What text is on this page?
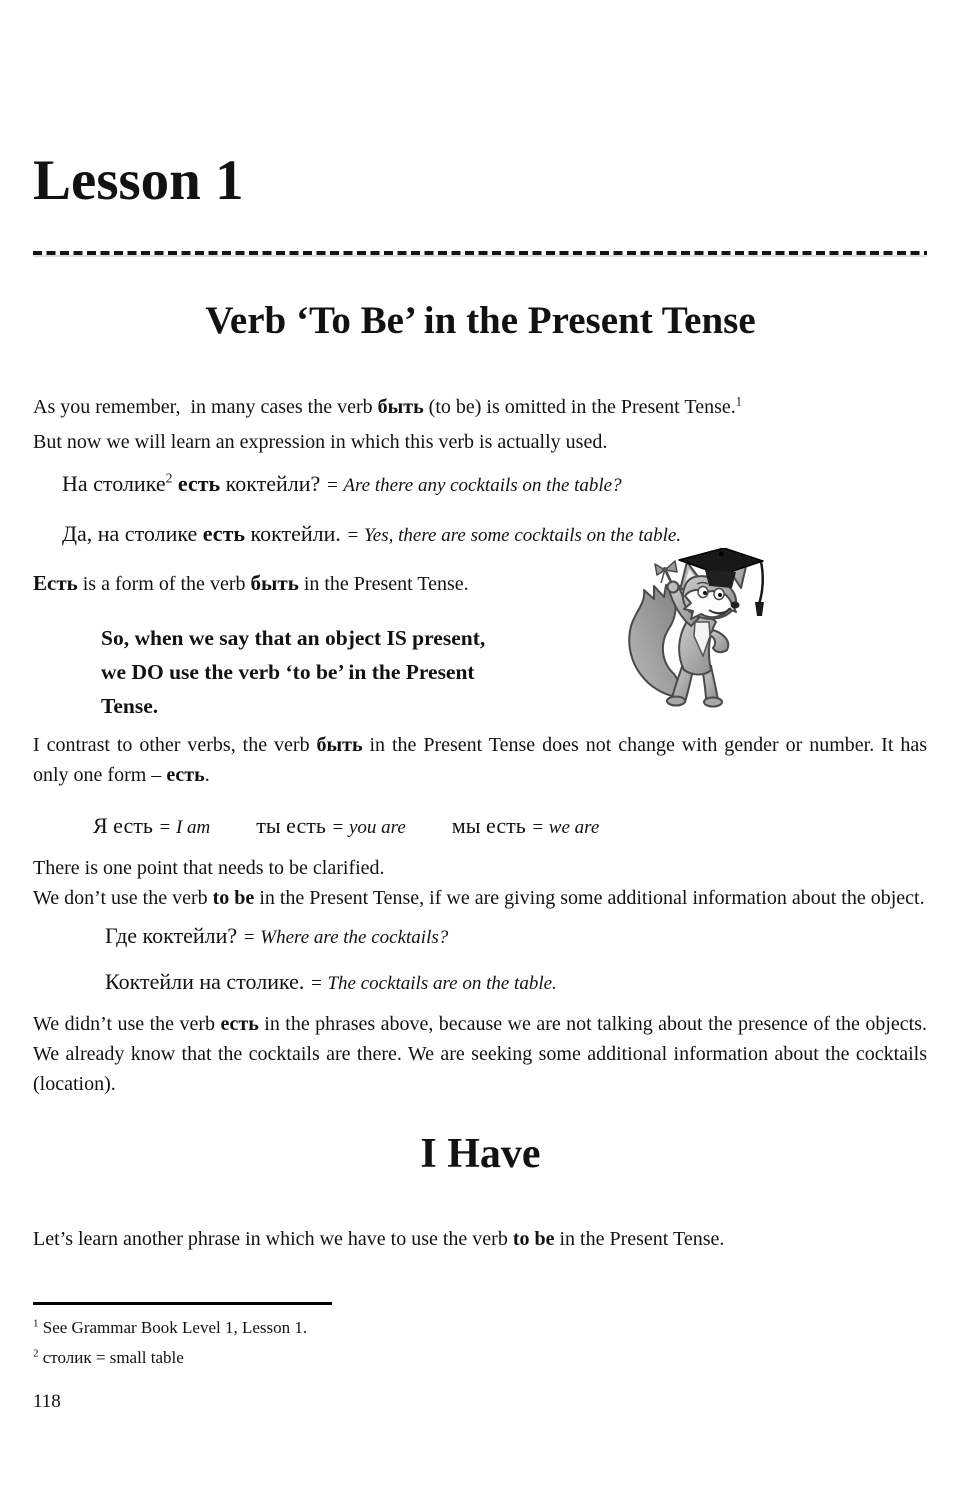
Lesson 1
Verb ‘To Be’ in the Present Tense
As you remember,  in many cases the verb быть (to be) is omitted in the Present Tense.$^1$
But now we will learn an expression in which this verb is actually used.
На столике$^2$ есть коктейли? = Are there any cocktails on the table?
Да, на столике есть коктейли. = Yes, there are some cocktails on the table.
Есть is a form of the verb быть in the Present Tense.
So, when we say that an object IS present,
we DO use the verb ‘to be’ in the Present
Tense.

I contrast to other verbs, the verb быть in the Present Tense does not change with gender or number. It has only one form – есть.

Я есть = I am ты есть = you are мы есть = we are
There is one point that needs to be clarified.
We don’t use the verb to be in the Present Tense, if we are giving some additional information about the object.
Где коктейли? = Where are the cocktails?
Коктейли на столике. = The cocktails are on the table.

We didn’t use the verb есть in the phrases above, because we are not talking about the presence of the objects. We already know that the cocktails are there. We are seeking some additional information about the cocktails (location).

I Have
Let’s learn another phrase in which we have to use the verb to be in the Present Tense.
$^1$ See Grammar Book Level 1, Lesson 1.
$^2$ столик = small table
118
